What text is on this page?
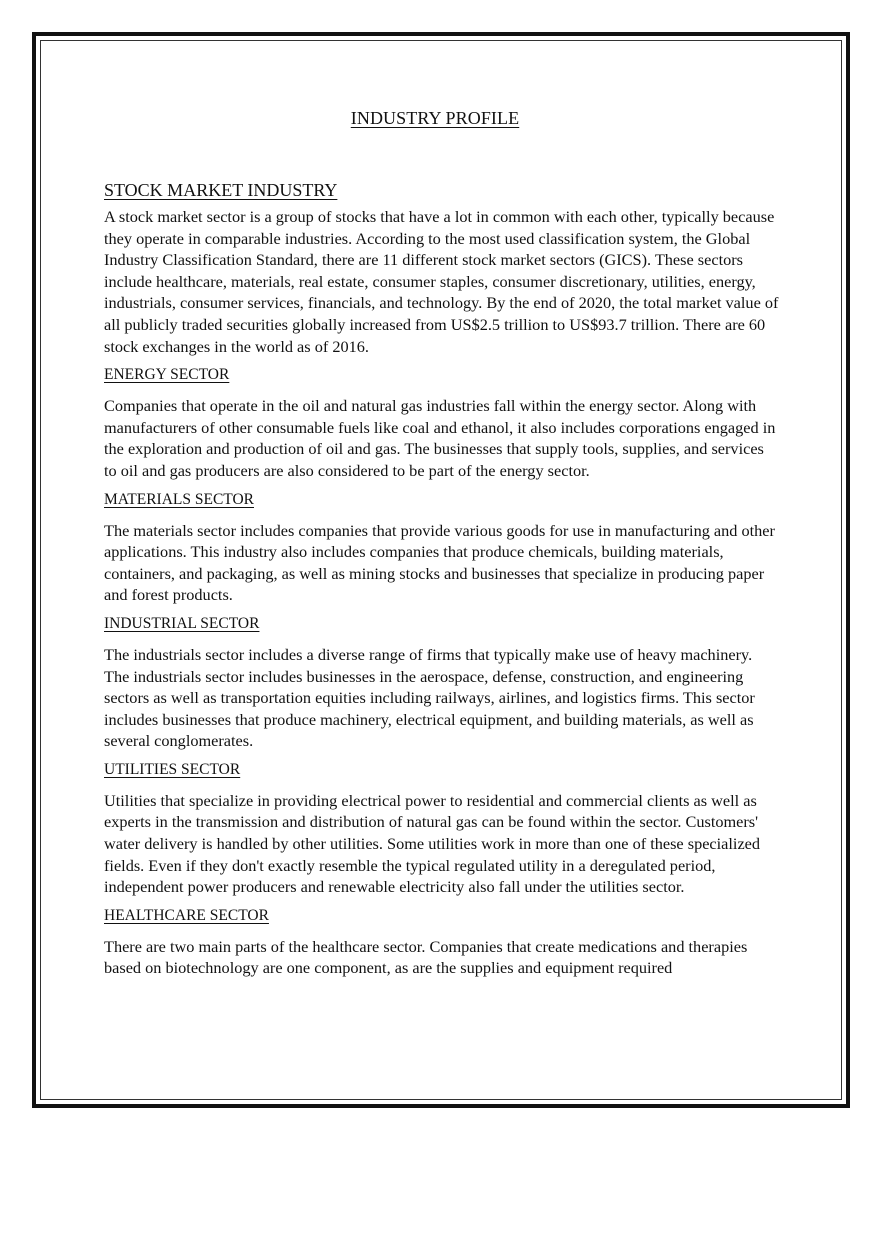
INDUSTRY PROFILE
STOCK MARKET INDUSTRY

A stock market sector is a group of stocks that have a lot in common with each other, typically because they operate in comparable industries. According to the most used classification system, the Global Industry Classification Standard, there are 11 different stock market sectors (GICS). These sectors include healthcare, materials, real estate, consumer staples, consumer discretionary, utilities, energy, industrials, consumer services, financials, and technology. By the end of 2020, the total market value of all publicly traded securities globally increased from US$2.5 trillion to US$93.7 trillion. There are 60 stock exchanges in the world as of 2016.

ENERGY SECTOR

Companies that operate in the oil and natural gas industries fall within the energy sector. Along with manufacturers of other consumable fuels like coal and ethanol, it also includes corporations engaged in the exploration and production of oil and gas. The businesses that supply tools, supplies, and services to oil and gas producers are also considered to be part of the energy sector.

MATERIALS SECTOR

The materials sector includes companies that provide various goods for use in manufacturing and other applications. This industry also includes companies that produce chemicals, building materials, containers, and packaging, as well as mining stocks and businesses that specialize in producing paper and forest products.

INDUSTRIAL SECTOR

The industrials sector includes a diverse range of firms that typically make use of heavy machinery. The industrials sector includes businesses in the aerospace, defense, construction, and engineering sectors as well as transportation equities including railways, airlines, and logistics firms. This sector includes businesses that produce machinery, electrical equipment, and building materials, as well as several conglomerates.

UTILITIES SECTOR

Utilities that specialize in providing electrical power to residential and commercial clients as well as experts in the transmission and distribution of natural gas can be found within the sector. Customers' water delivery is handled by other utilities. Some utilities work in more than one of these specialized fields. Even if they don't exactly resemble the typical regulated utility in a deregulated period, independent power producers and renewable electricity also fall under the utilities sector.

HEALTHCARE SECTOR

There are two main parts of the healthcare sector. Companies that create medications and therapies based on biotechnology are one component, as are the supplies and equipment required
